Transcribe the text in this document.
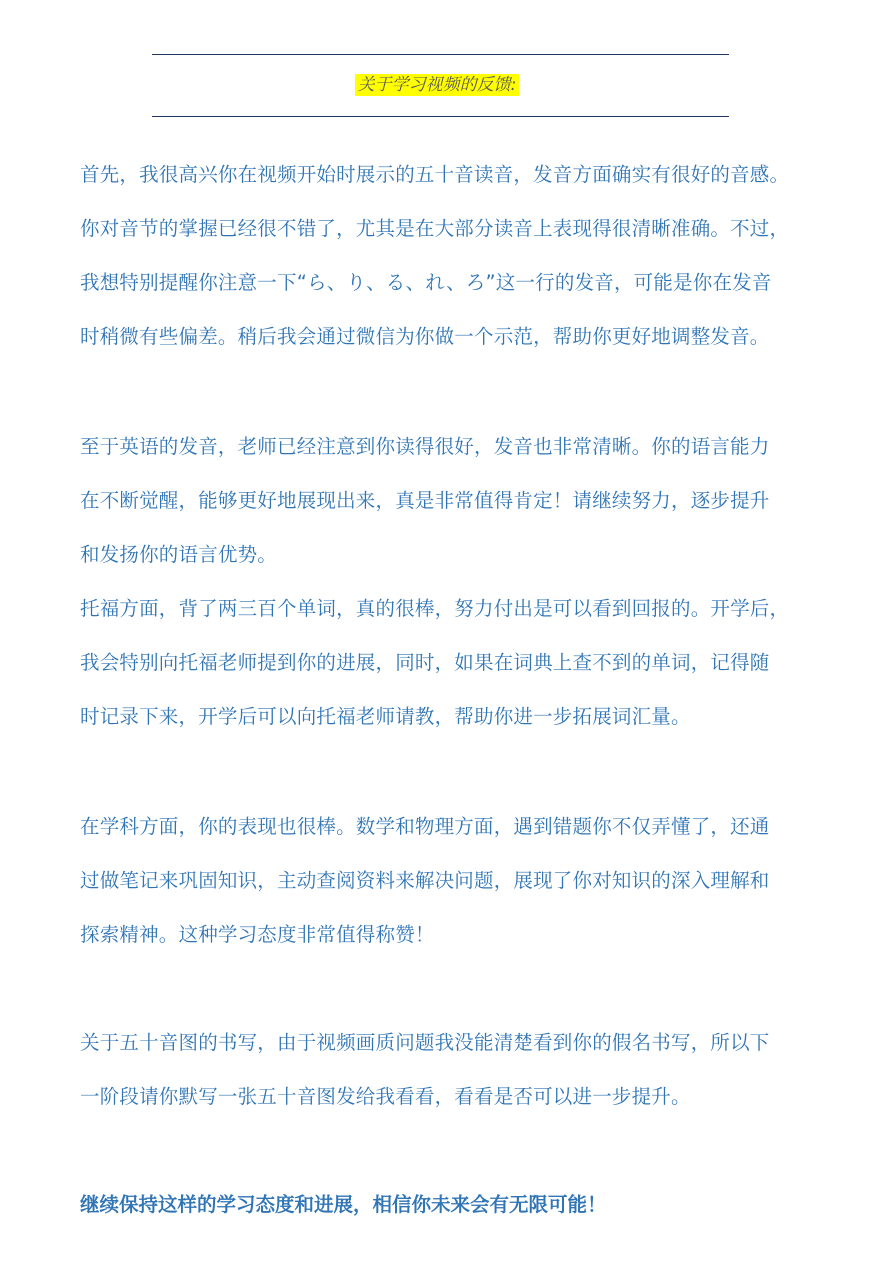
关于学习视频的反馈:
首先，我很高兴你在视频开始时展示的五十音读音，发音方面确实有很好的音感。
你对音节的掌握已经很不错了，尤其是在大部分读音上表现得很清晰准确。不过，
我想特别提醒你注意一下“ら、り、る、れ、ろ”这一行的发音，可能是你在发音
时稍微有些偏差。稍后我会通过微信为你做一个示范，帮助你更好地调整发音。
至于英语的发音，老师已经注意到你读得很好，发音也非常清晰。你的语言能力
在不断觉醒，能够更好地展现出来，真是非常值得肯定！请继续努力，逐步提升
和发扬你的语言优势。
托福方面，背了两三百个单词，真的很棒，努力付出是可以看到回报的。开学后，
我会特别向托福老师提到你的进展，同时，如果在词典上查不到的单词，记得随
时记录下来，开学后可以向托福老师请教，帮助你进一步拓展词汇量。
在学科方面，你的表现也很棒。数学和物理方面，遇到错题你不仅弄懂了，还通
过做笔记来巩固知识，主动查阅资料来解决问题，展现了你对知识的深入理解和
探索精神。这种学习态度非常值得称赞！
关于五十音图的书写，由于视频画质问题我没能清楚看到你的假名书写，所以下
一阶段请你默写一张五十音图发给我看看，看看是否可以进一步提升。
继续保持这样的学习态度和进展，相信你未来会有无限可能！
